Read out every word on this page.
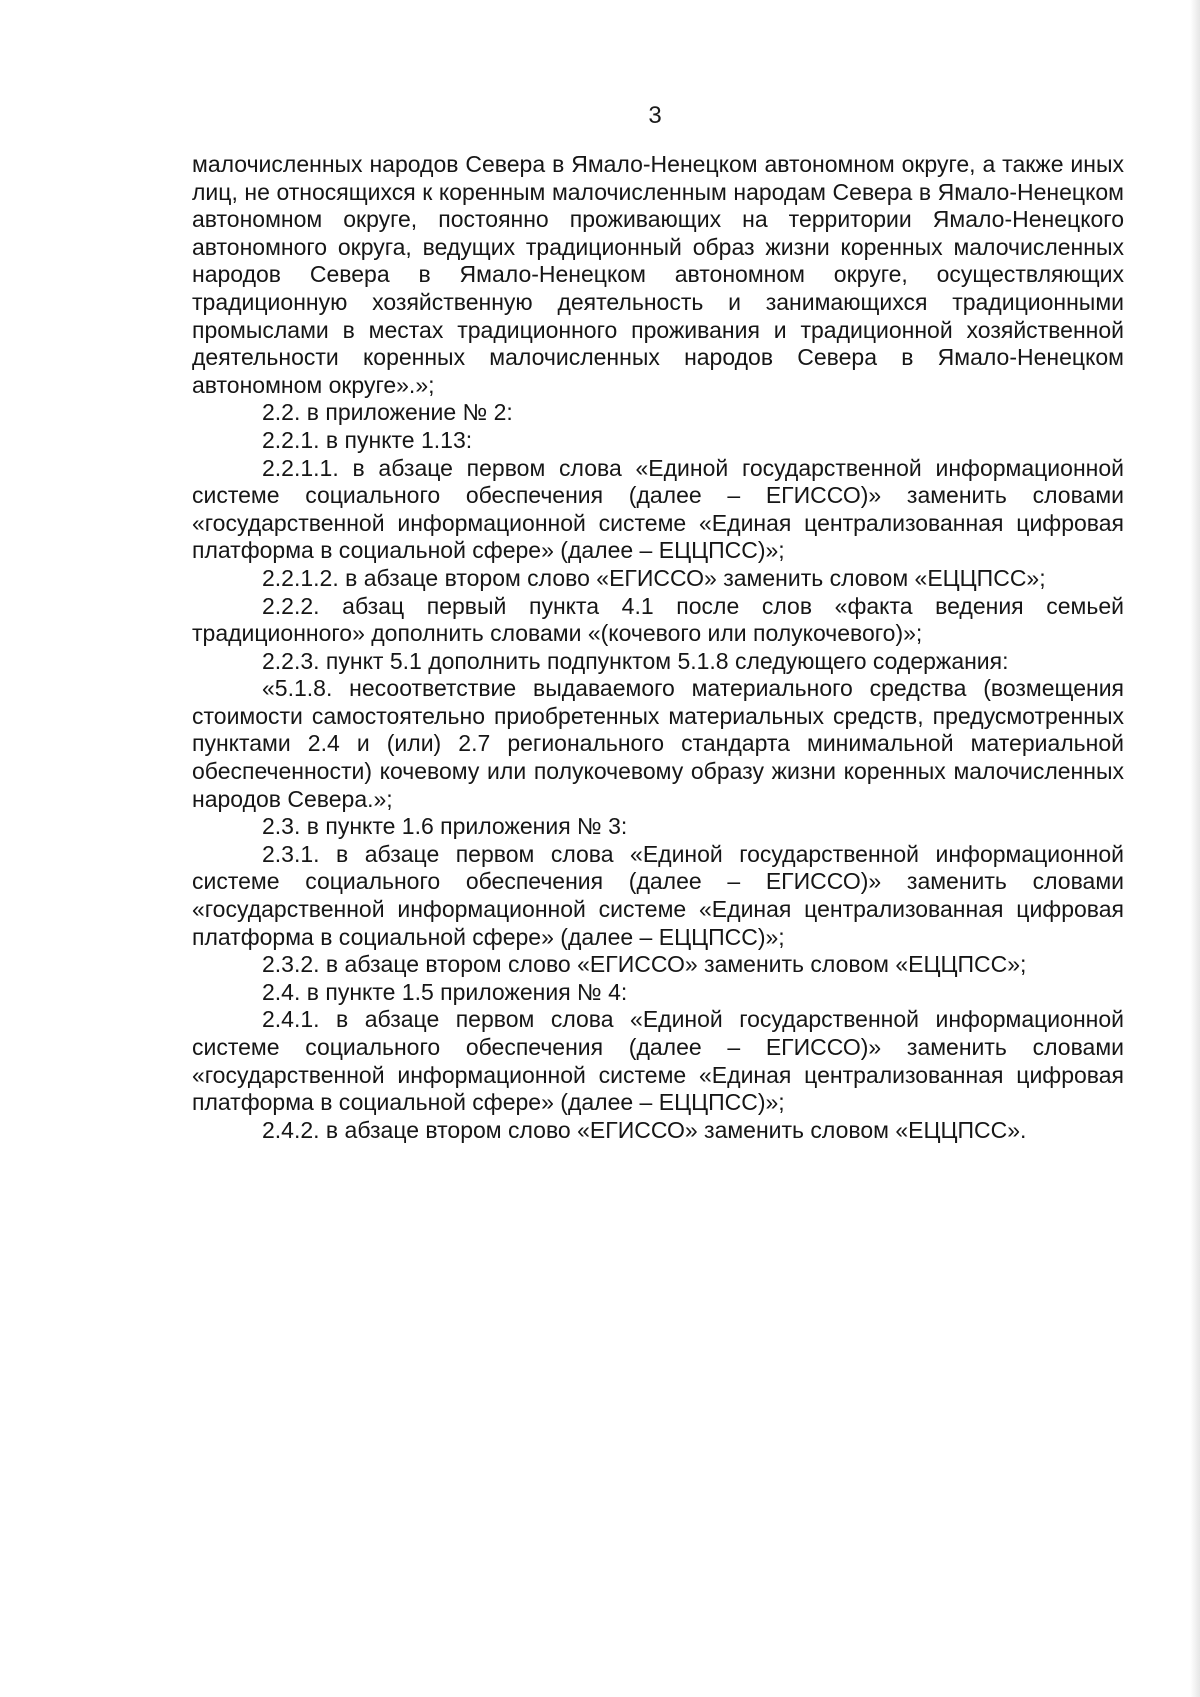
3

малочисленных народов Севера в Ямало-Ненецком автономном округе, а также иных лиц, не относящихся к коренным малочисленным народам Севера в Ямало-Ненецком автономном округе, постоянно проживающих на территории Ямало-Ненецкого автономного округа, ведущих традиционный образ жизни коренных малочисленных народов Севера в Ямало-Ненецком автономном округе, осуществляющих традиционную хозяйственную деятельность и занимающихся традиционными промыслами в местах традиционного проживания и традиционной хозяйственной деятельности коренных малочисленных народов Севера в Ямало-Ненецком автономном округе».»;

2.2. в приложение № 2:

2.2.1. в пункте 1.13:

2.2.1.1. в абзаце первом слова «Единой государственной информационной системе социального обеспечения (далее – ЕГИССО)» заменить словами «государственной информационной системе «Единая централизованная цифровая платформа в социальной сфере» (далее – ЕЦЦПСС)»;

2.2.1.2. в абзаце втором слово «ЕГИССО» заменить словом «ЕЦЦПСС»;

2.2.2. абзац первый пункта 4.1 после слов «факта ведения семьей традиционного» дополнить словами «(кочевого или полукочевого)»;

2.2.3. пункт 5.1 дополнить подпунктом 5.1.8 следующего содержания:

«5.1.8. несоответствие выдаваемого материального средства (возмещения стоимости самостоятельно приобретенных материальных средств, предусмотренных пунктами 2.4 и (или) 2.7 регионального стандарта минимальной материальной обеспеченности) кочевому или полукочевому образу жизни коренных малочисленных народов Севера.»;

2.3. в пункте 1.6 приложения № 3:

2.3.1. в абзаце первом слова «Единой государственной информационной системе социального обеспечения (далее – ЕГИССО)» заменить словами «государственной информационной системе «Единая централизованная цифровая платформа в социальной сфере» (далее – ЕЦЦПСС)»;

2.3.2. в абзаце втором слово «ЕГИССО» заменить словом «ЕЦЦПСС»;

2.4. в пункте 1.5 приложения № 4:

2.4.1. в абзаце первом слова «Единой государственной информационной системе социального обеспечения (далее – ЕГИССО)» заменить словами «государственной информационной системе «Единая централизованная цифровая платформа в социальной сфере» (далее – ЕЦЦПСС)»;

2.4.2. в абзаце втором слово «ЕГИССО» заменить словом «ЕЦЦПСС».
